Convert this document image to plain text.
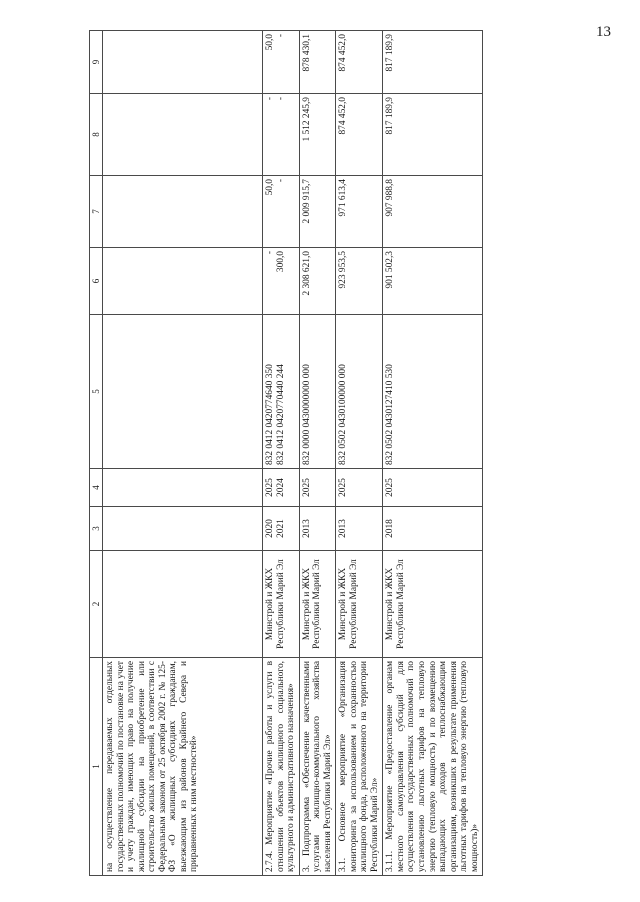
13
1	2	3	4	5	6	7	8	9
на осуществление передаваемых отдельных государственных полномочий по постановке на учет и учету граждан, имеющих право на получение жилищной субсидии на приобретение или строительство жилых помещений, в соответствии с Федеральным законом от 25 октября 2002 г. № 125-ФЗ «О жилищных субсидиях гражданам, выезжающим из районов Крайнего Севера и приравненных к ним местностей»								
2.7.4. Мероприятие «Прочие работы и услуги в отношении объектов жилищного социального, культурного и административного назначения»	Минстрой и ЖКХ Республики Марий Эл	2020 2021	2025 2024	832 0412 0420774640 350 832 0412 0420770440 244	- 300,0	50,0 -	- -	50,0 -

3. Подпрограмма «Обеспечение качественными услугами жилищно-коммунального хозяйства населения Республики Марий Эл»	Минстрой и ЖКХ Республики Марий Эл	2013	2025	832 0000 0430000000 000	2 308 621,0	2 009 915,7	1 512 245,9	878 430,1
3.1. Основное мероприятие «Организация мониторинга за использованием и сохранностью жилищного фонда, расположенного на территории Республики Марий Эл»	Минстрой и ЖКХ Республики Марий Эл	2013	2025	832 0502 0430100000 000	923 953,5	971 613,4	874 452,0	874 452,0
3.1.1. Мероприятие «Предоставление органам местного самоуправления субсидий для осуществления государственных полномочий по установлению льготных тарифов на тепловую энергию (тепловую мощность) и по возмещению выпадающих доходов теплоснабжающим организациям, возникших в результате применения льготных тарифов на тепловую энергию (тепловую мощность)»	Минстрой и ЖКХ Республики Марий Эл	2018	2025	832 0502 0430127410 530	901 502,3	907 988,8	817 189,9	817 189,9
